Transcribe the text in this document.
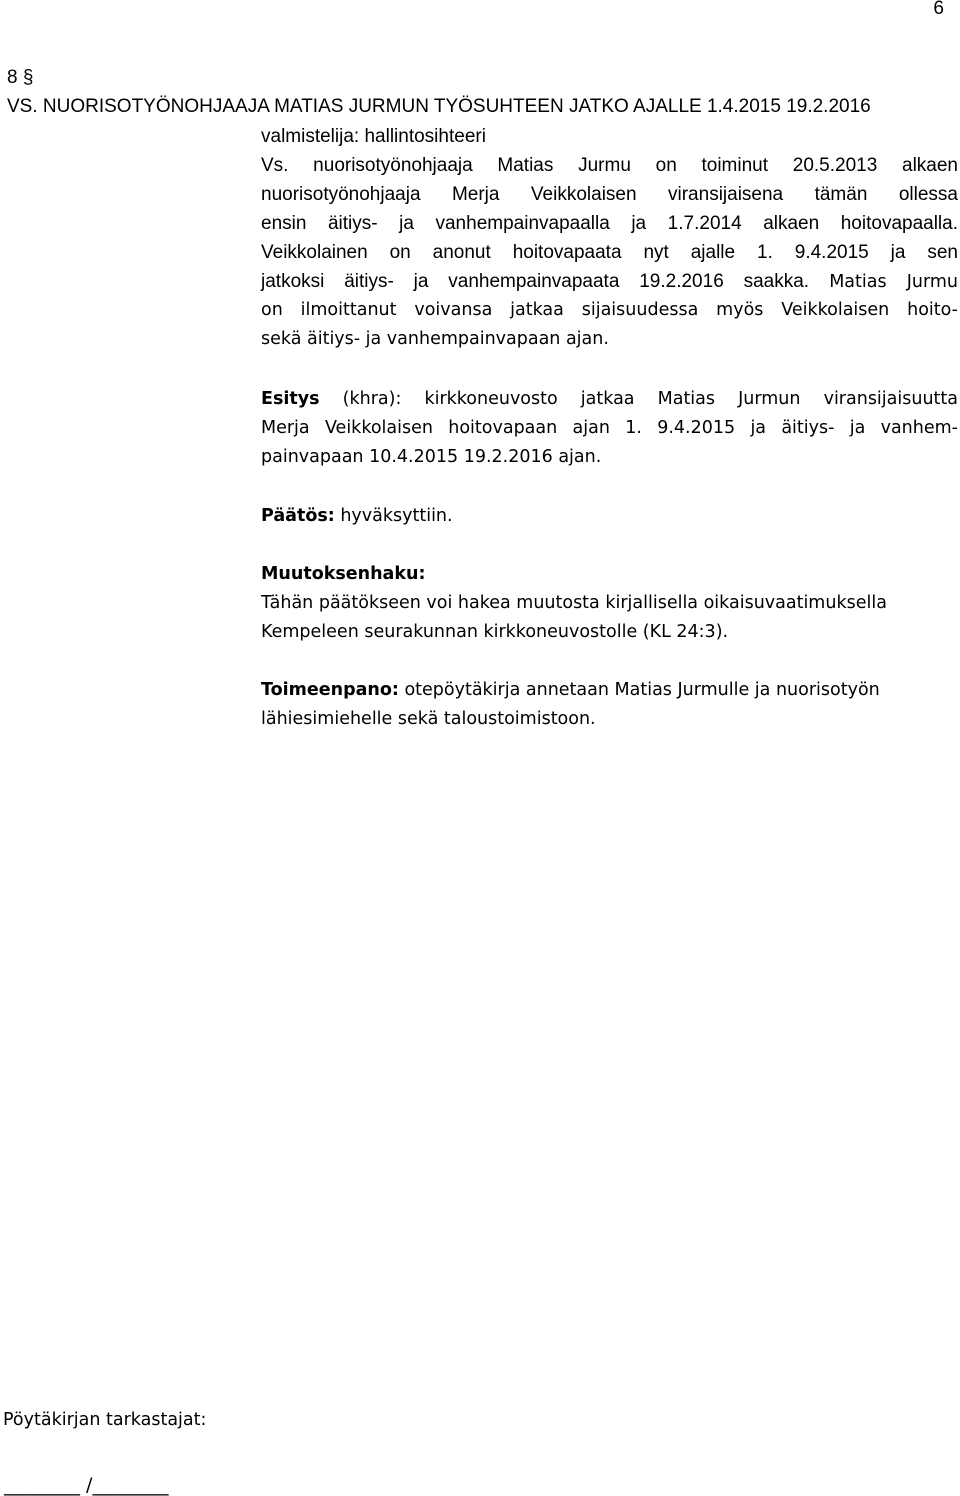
6
8 §
VS. NUORISOTYÖNOHJAAJA MATIAS JURMUN TYÖSUHTEEN JATKO AJALLE 1.4.2015 19.2.2016
valmistelija: hallintosihteeri
Vs. nuorisotyönohjaaja Matias Jurmu on toiminut 20.5.2013 alkaen
nuorisotyönohjaaja Merja Veikkolaisen viransijaisena tämän ollessa
ensin äitiys- ja vanhempainvapaalla ja 1.7.2014 alkaen hoitovapaalla.
Veikkolainen on anonut hoitovapaata nyt ajalle 1. 9.4.2015 ja sen
jatkoksi äitiys- ja vanhempainvapaata 19.2.2016 saakka. Matias Jurmu
on ilmoittanut voivansa jatkaa sijaisuudessa myös Veikkolaisen hoito-
sekä äitiys- ja vanhempainvapaan ajan.
Esitys (khra): kirkkoneuvosto jatkaa Matias Jurmun viransijaisuutta
Merja Veikkolaisen hoitovapaan ajan 1. 9.4.2015 ja äitiys- ja vanhem-
painvapaan 10.4.2015 19.2.2016 ajan.
Päätös: hyväksyttiin.
Muutoksenhaku:
Tähän päätökseen voi hakea muutosta kirjallisella oikaisuvaatimuksella
Kempeleen seurakunnan kirkkoneuvostolle (KL 24:3).
Toimeenpano: otepöytäkirja annetaan Matias Jurmulle ja nuorisotyön
lähiesimiehelle sekä taloustoimistoon.
Pöytäkirjan tarkastajat:
________ /________
